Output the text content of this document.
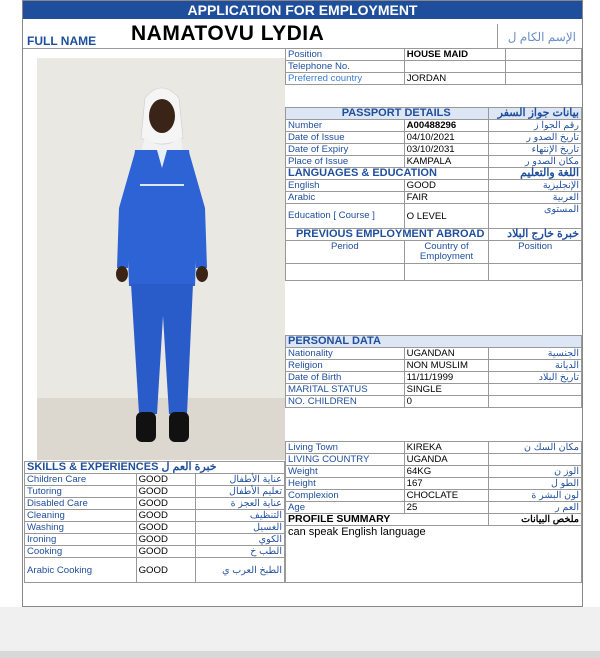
APPLICATION FOR EMPLOYMENT
FULL NAME NAMATOVU LYDIA	الإسم الكام ل
Position	HOUSE MAID	
Telephone No.		
Preferred country	JORDAN	
PASSPORT DETAILS		بيانات جواز السفر
Number	A00488296	رقم الجوا ز
Date of Issue	04/10/2021	تاريخ الصدو ر
Date of Expiry	03/10/2031	تاريخ الإنتهاء
Place of Issue	KAMPALA	مكان الصدو ر
LANGUAGES & EDUCATION		اللغة والتعليم
English	GOOD	الإنجليزية
Arabic	FAIR	العربية
Education [ Course ]	O LEVEL	المستوى
PREVIOUS EMPLOYMENT ABROAD		خبرة خارج البلاد
Period	Country of Employment	Position

PERSONAL DATA		
Nationality	UGANDAN	الجنسية
Religion	NON MUSLIM	الديانة
Date of Birth	11/11/1999	تاريخ البلاد
MARITAL STATUS	SINGLE	
NO. CHILDREN	0	
Living Town	KIREKA	مكان السك ن
LIVING COUNTRY	UGANDA	
Weight	64KG	الوز ن
Height	167	الطو ل
Complexion	CHOCLATE	لون البشر ة
Age	25	العم ر
PROFILE SUMMARY		ملخص البيانات
can speak English language		
SKILLS & EXPERIENCES خبرة العم ل		
Children Care	GOOD	عناية الأطفال
Tutoring	GOOD	تعليم الأطفال
Disabled Care	GOOD	عناية العجز ة
Cleaning	GOOD	التنظيف
Washing	GOOD	الغسيل
Ironing	GOOD	الكوي
Cooking	GOOD	الطب خ
Arabic Cooking	GOOD	الطبخ العرب ي
